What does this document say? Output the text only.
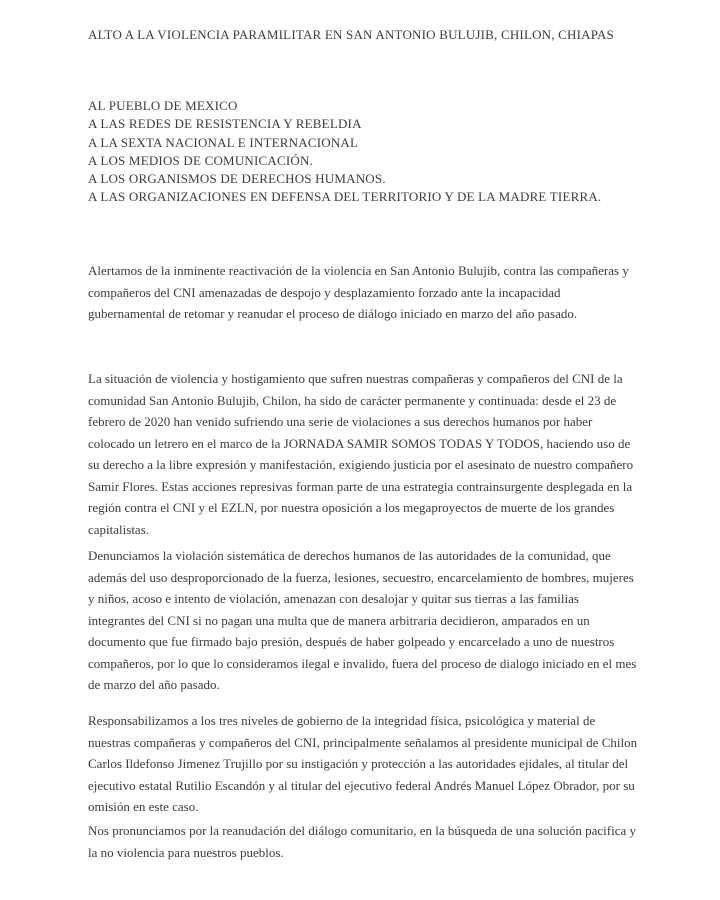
ALTO A LA VIOLENCIA PARAMILITAR EN SAN ANTONIO BULUJIB, CHILON, CHIAPAS

AL PUEBLO DE MEXICO

A LAS REDES DE RESISTENCIA Y REBELDIA

A LA SEXTA NACIONAL E INTERNACIONAL

A LOS MEDIOS DE COMUNICACIÓN.

A LOS ORGANISMOS DE DERECHOS HUMANOS.

A LAS ORGANIZACIONES EN DEFENSA DEL TERRITORIO Y DE LA MADRE TIERRA.

Alertamos de la inminente reactivación de la violencia en San Antonio Bulujib, contra las compañeras y compañeros del CNI amenazadas de despojo y desplazamiento forzado ante la incapacidad gubernamental de retomar y reanudar el proceso de diálogo iniciado en marzo del año pasado.

La situación de violencia y hostigamiento que sufren nuestras compañeras y compañeros del CNI de la comunidad San Antonio Bulujib, Chilon, ha sido de carácter permanente y continuada: desde el 23 de febrero de 2020 han venido sufriendo una serie de violaciones a sus derechos humanos por haber colocado un letrero en el marco de la JORNADA SAMIR SOMOS TODAS Y TODOS, haciendo uso de su derecho a la libre expresión y manifestación, exigiendo justicia por el asesinato de nuestro compañero Samir Flores. Estas acciones represivas forman parte de una estrategia contrainsurgente desplegada en la región contra el CNI y el EZLN, por nuestra oposición a los megaproyectos de muerte de los grandes capitalistas.

Denunciamos la violación sistemática de derechos humanos de las autoridades de la comunidad, que además del uso desproporcionado de la fuerza, lesiones, secuestro, encarcelamiento de hombres, mujeres y niños, acoso e intento de violación, amenazan con desalojar y quitar sus tierras a las familias integrantes del CNI si no pagan una multa que de manera arbitraria decidieron, amparados en un documento que fue firmado bajo presión, después de haber golpeado y encarcelado a uno de nuestros compañeros, por lo que lo consideramos ilegal e invalido, fuera del proceso de dialogo iniciado en el mes de marzo del año pasado.

Responsabilizamos a los tres niveles de gobierno de la integridad física, psicológica y material de nuestras compañeras y compañeros del CNI, principalmente señalamos al presidente municipal de Chilon Carlos Ildefonso Jimenez Trujillo por su instigación y protección a las autoridades ejidales, al titular del ejecutivo estatal Rutilio Escandón y al titular del ejecutivo federal Andrés Manuel López Obrador, por su omisión en este caso.

Nos pronunciamos por la reanudación del diálogo comunitario, en la búsqueda de una solución pacifica y la no violencia para nuestros pueblos.
